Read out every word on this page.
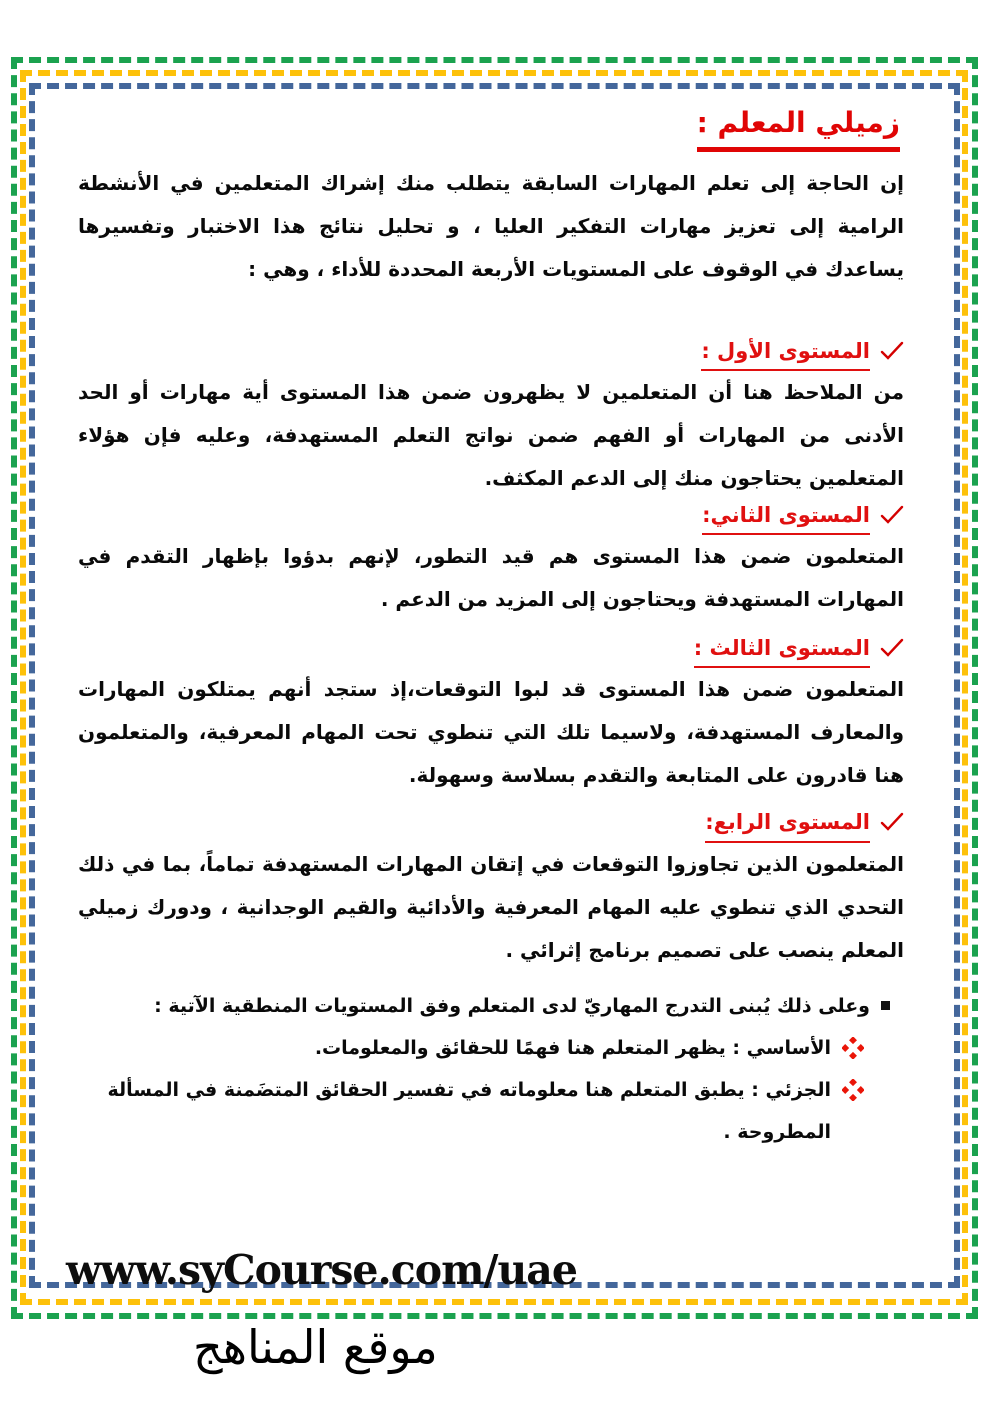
زميلي المعلم :

إن الحاجة إلى تعلم المهارات السابقة يتطلب منك إشراك المتعلمين في الأنشطة الرامية إلى تعزيز مهارات التفكير العليا ، و تحليل نتائج هذا الاختبار وتفسيرها يساعدك في الوقوف على المستويات الأربعة المحددة للأداء ، وهي :

المستوى الأول :

من الملاحظ هنا أن المتعلمين لا يظهرون ضمن هذا المستوى أية مهارات أو الحد الأدنى من المهارات أو الفهم ضمن نواتج التعلم المستهدفة، وعليه فإن هؤلاء المتعلمين يحتاجون منك إلى الدعم المكثف.

المستوى الثاني:

المتعلمون ضمن هذا المستوى هم قيد التطور، لإنهم بدؤوا بإظهار التقدم في المهارات المستهدفة ويحتاجون إلى المزيد من الدعم .

المستوى الثالث :

المتعلمون ضمن هذا المستوى قد لبوا التوقعات،إذ ستجد أنهم يمتلكون المهارات والمعارف المستهدفة، ولاسيما تلك التي تنطوي تحت المهام المعرفية، والمتعلمون هنا قادرون على المتابعة والتقدم بسلاسة وسهولة.

المستوى الرابع:

المتعلمون الذين تجاوزوا التوقعات في إتقان المهارات المستهدفة تماماً، بما في ذلك التحدي الذي تنطوي عليه المهام المعرفية والأدائية والقيم الوجدانية ، ودورك زميلي المعلم ينصب على تصميم برنامج إثرائي .

وعلى ذلك يُبنى التدرج المهاريّ لدى المتعلم وفق المستويات المنطقية الآتية :
الأساسي : يظهر المتعلم هنا فهمًا للحقائق والمعلومات.
الجزئي : يطبق المتعلم هنا معلوماته في تفسير الحقائق المتضَمنة في المسألة المطروحة .
www.syCourse.com/uae
موقع المناهج
